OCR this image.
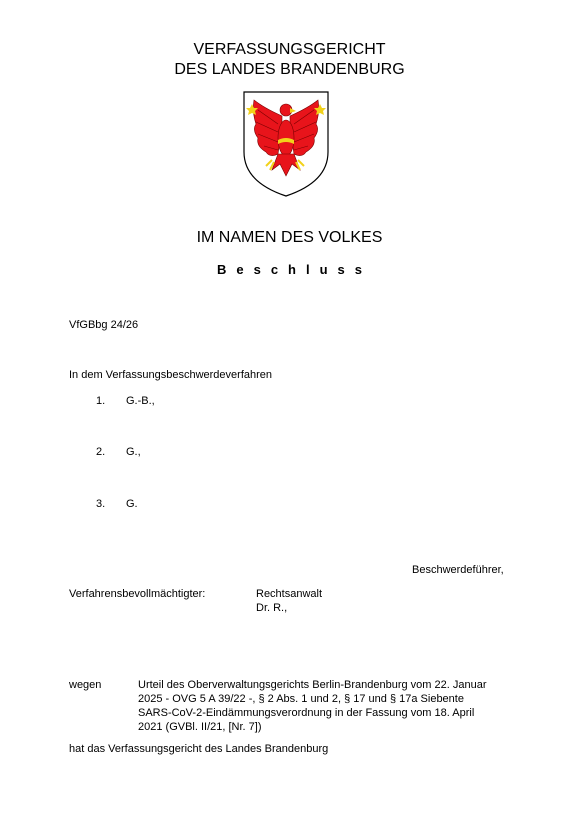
VERFASSUNGSGERICHT
DES LANDES BRANDENBURG
IM NAMEN DES VOLKES
Beschluss
VfGBbg 24/26
In dem Verfassungsbeschwerdeverfahren
1.	G.-B.,
2.	G.,
3.	G.
Beschwerdeführer,
Verfahrensbevollmächtigter:	Rechtsanwalt
Dr. R.,
wegen	Urteil des Oberverwaltungsgerichts Berlin-Brandenburg vom 22. Januar
2025 - OVG 5 A 39/22 -, § 2 Abs. 1 und 2, § 17 und § 17a Siebente
SARS-CoV-2-Eindämmungsverordnung in der Fassung vom 18. April
2021 (GVBl. II/21, [Nr. 7])
hat das Verfassungsgericht des Landes Brandenburg
